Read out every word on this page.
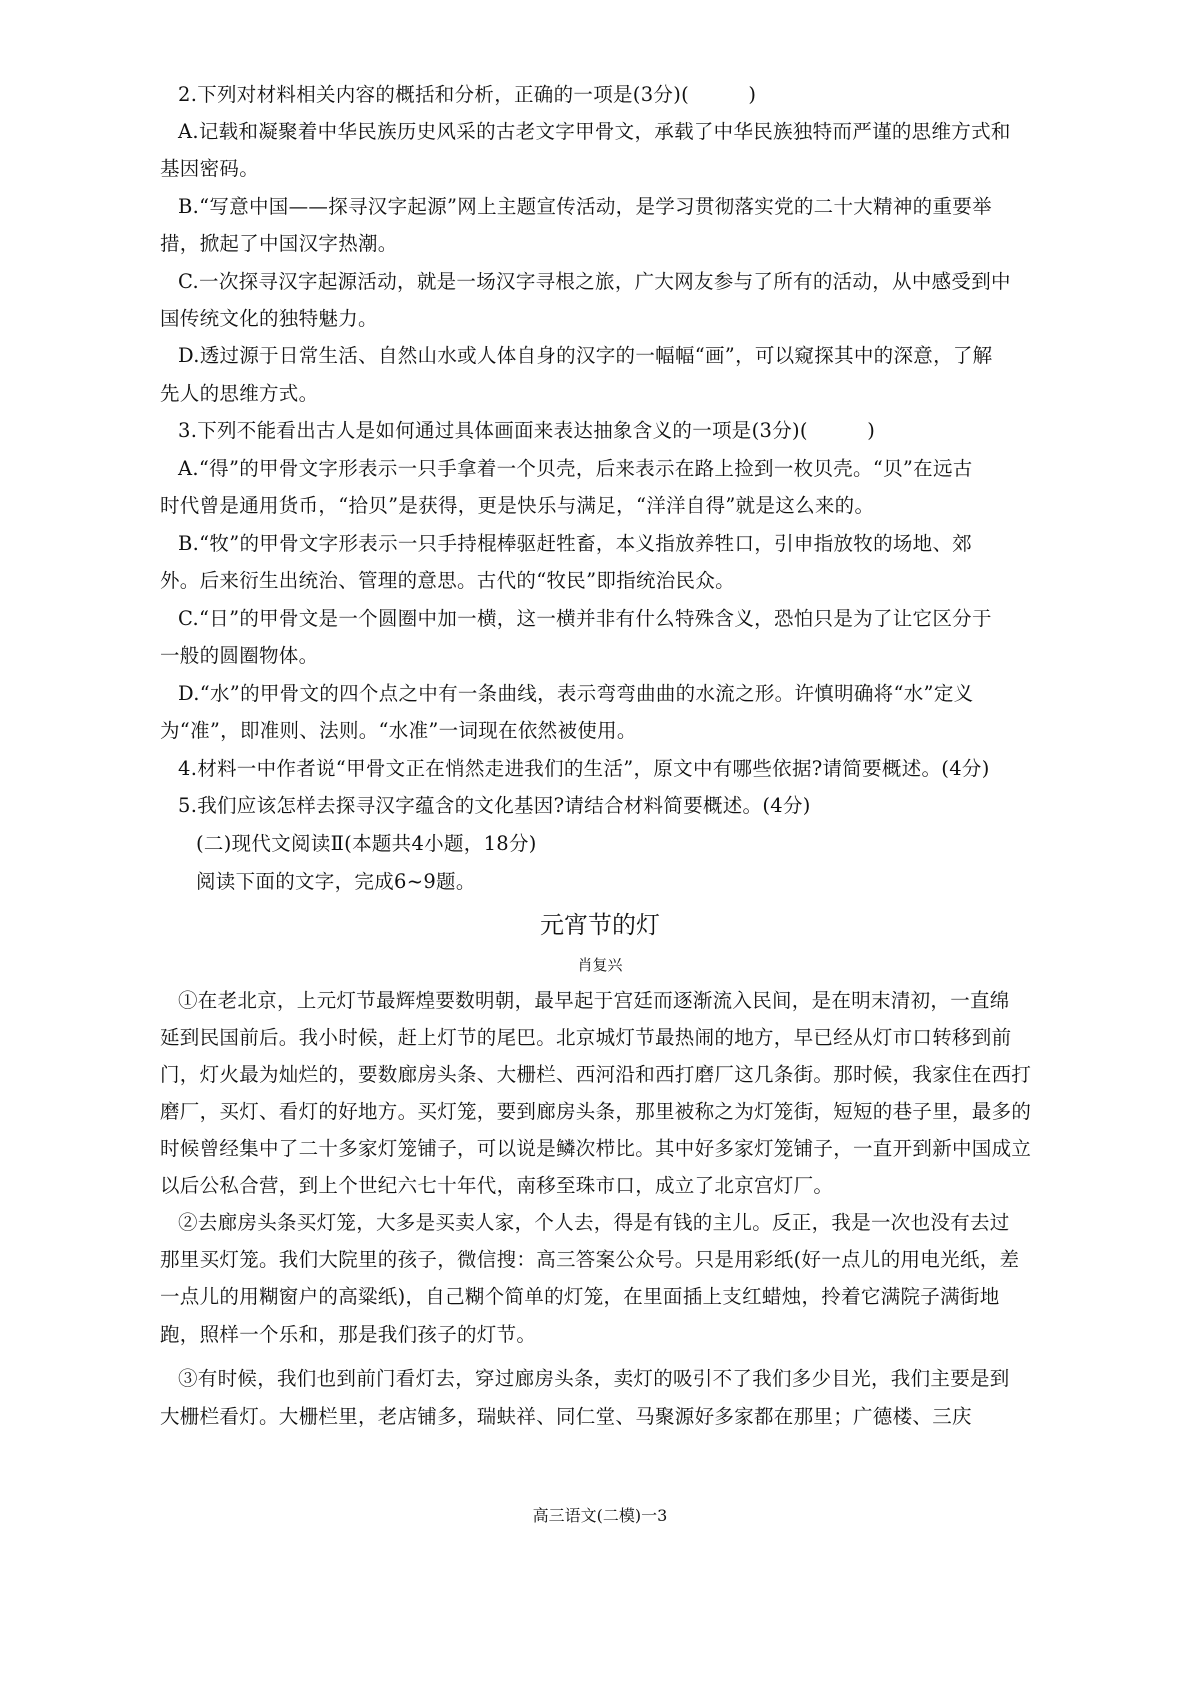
2.下列对材料相关内容的概括和分析，正确的一项是(3分)(　　　)
A.记载和凝聚着中华民族历史风采的古老文字甲骨文，承载了中华民族独特而严谨的思维方式和
基因密码。
B.“写意中国——探寻汉字起源”网上主题宣传活动，是学习贯彻落实党的二十大精神的重要举
措，掀起了中国汉字热潮。
C.一次探寻汉字起源活动，就是一场汉字寻根之旅，广大网友参与了所有的活动，从中感受到中
国传统文化的独特魅力。
D.透过源于日常生活、自然山水或人体自身的汉字的一幅幅“画”，可以窥探其中的深意，了解
先人的思维方式。
3.下列不能看出古人是如何通过具体画面来表达抽象含义的一项是(3分)(　　　)
A.“得”的甲骨文字形表示一只手拿着一个贝壳，后来表示在路上捡到一枚贝壳。“贝”在远古
时代曾是通用货币，“拾贝”是获得，更是快乐与满足，“洋洋自得”就是这么来的。
B.“牧”的甲骨文字形表示一只手持棍棒驱赶牲畜，本义指放养牲口，引申指放牧的场地、郊
外。后来衍生出统治、管理的意思。古代的“牧民”即指统治民众。
C.“日”的甲骨文是一个圆圈中加一横，这一横并非有什么特殊含义，恐怕只是为了让它区分于
一般的圆圈物体。
D.“水”的甲骨文的四个点之中有一条曲线，表示弯弯曲曲的水流之形。许慎明确将“水”定义
为“准”，即准则、法则。“水准”一词现在依然被使用。
4.材料一中作者说“甲骨文正在悄然走进我们的生活”，原文中有哪些依据?请简要概述。(4分)
5.我们应该怎样去探寻汉字蕴含的文化基因?请结合材料简要概述。(4分)
(二)现代文阅读Ⅱ(本题共4小题，18分)
阅读下面的文字，完成6~9题。
元宵节的灯
肖复兴
①在老北京，上元灯节最辉煌要数明朝，最早起于宫廷而逐渐流入民间，是在明末清初，一直绵
延到民国前后。我小时候，赶上灯节的尾巴。北京城灯节最热闹的地方，早已经从灯市口转移到前
门，灯火最为灿烂的，要数廊房头条、大栅栏、西河沿和西打磨厂这几条街。那时候，我家住在西打
磨厂，买灯、看灯的好地方。买灯笼，要到廊房头条，那里被称之为灯笼街，短短的巷子里，最多的
时候曾经集中了二十多家灯笼铺子，可以说是鳞次栉比。其中好多家灯笼铺子，一直开到新中国成立
以后公私合营，到上个世纪六七十年代，南移至珠市口，成立了北京宫灯厂。
②去廊房头条买灯笼，大多是买卖人家，个人去，得是有钱的主儿。反正，我是一次也没有去过
那里买灯笼。我们大院里的孩子，微信搜：高三答案公众号。只是用彩纸(好一点儿的用电光纸，差
一点儿的用糊窗户的高粱纸)，自己糊个简单的灯笼，在里面插上支红蜡烛，拎着它满院子满街地
跑，照样一个乐和，那是我们孩子的灯节。
③有时候，我们也到前门看灯去，穿过廊房头条，卖灯的吸引不了我们多少目光，我们主要是到
大栅栏看灯。大栅栏里，老店铺多，瑞蚨祥、同仁堂、马聚源好多家都在那里；广德楼、三庆
高三语文(二模)一3
